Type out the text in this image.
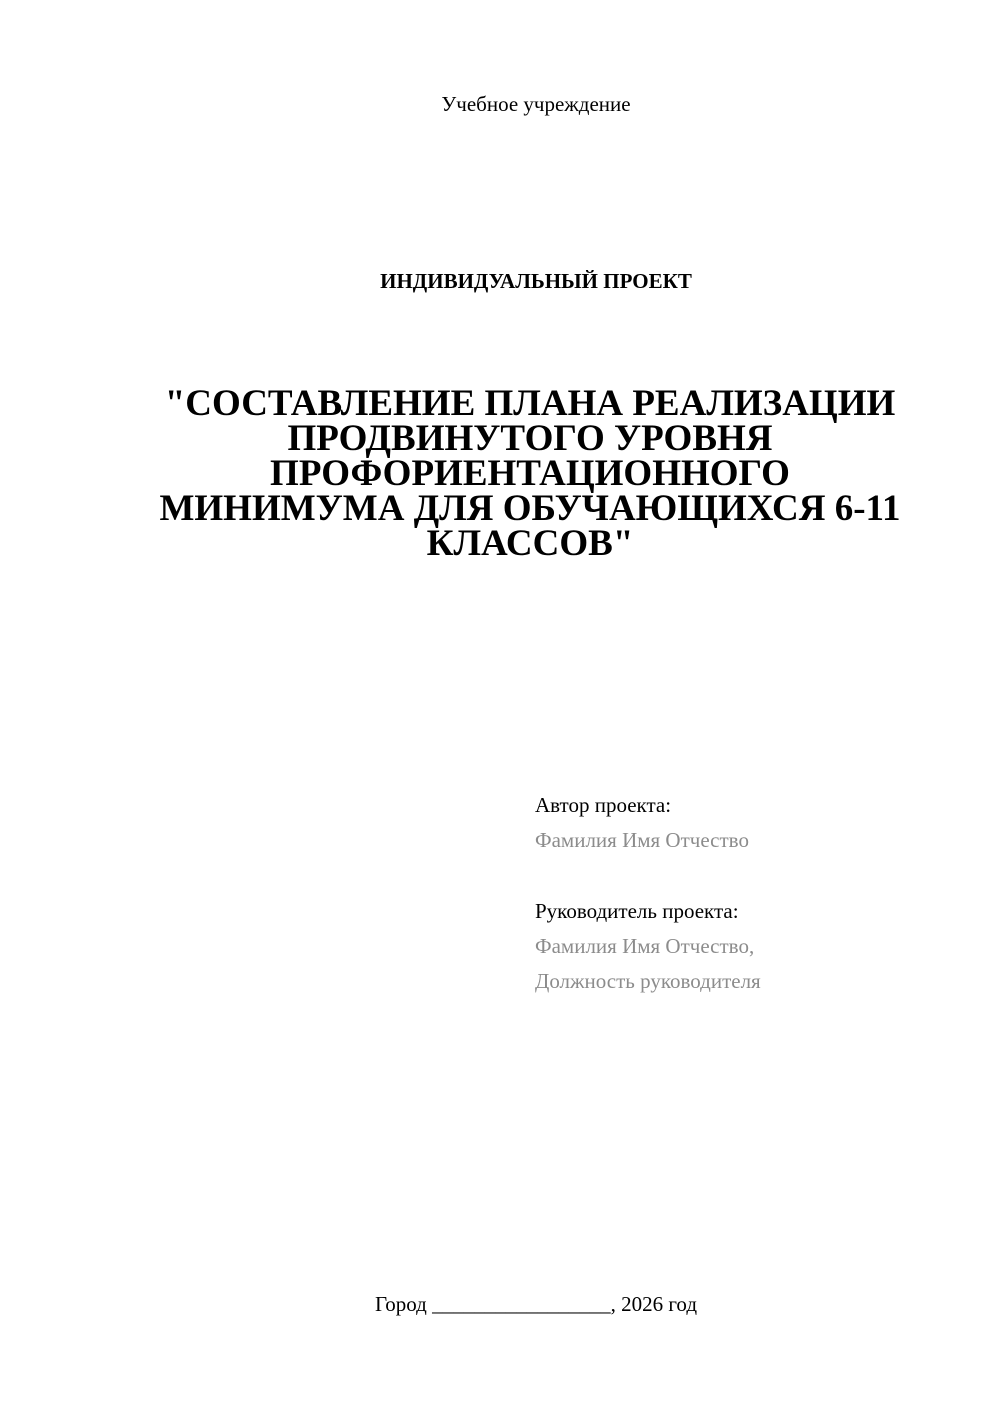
Учебное учреждение
ИНДИВИДУАЛЬНЫЙ ПРОЕКТ
"СОСТАВЛЕНИЕ ПЛАНА РЕАЛИЗАЦИИ
ПРОДВИНУТОГО УРОВНЯ
ПРОФОРИЕНТАЦИОННОГО
МИНИМУМА ДЛЯ ОБУЧАЮЩИХСЯ 6-11
КЛАССОВ"
Автор проекта:
Фамилия Имя Отчество
Руководитель проекта:
Фамилия Имя Отчество,
Должность руководителя
Город _________________, 2026 год
